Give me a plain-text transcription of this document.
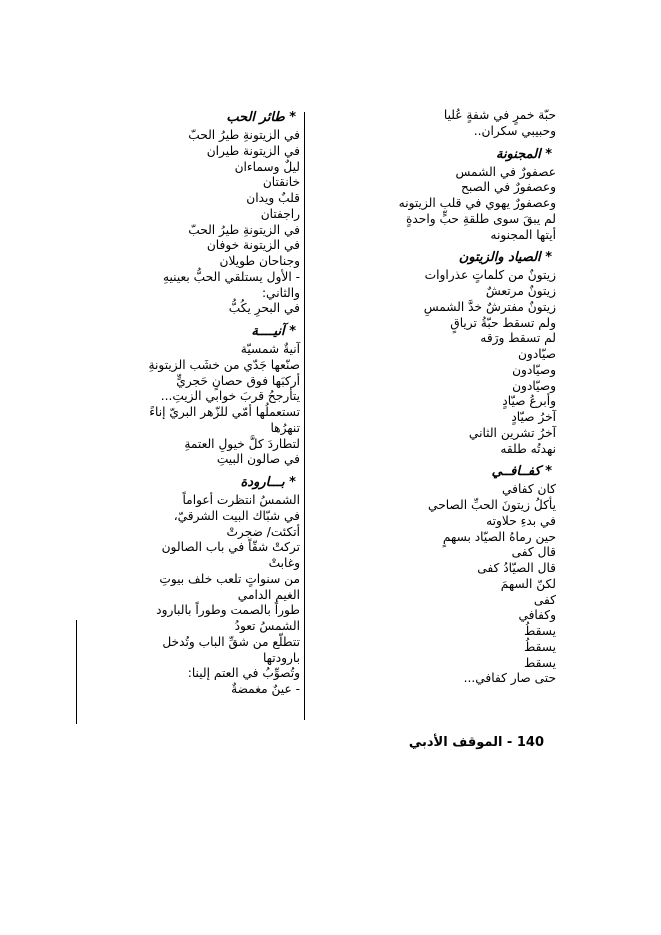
حبّة خمرٍ في شفةٍ عُليا
وحبيبي سكران..
* المجنونة
عصفورٌ في الشمس
وعصفورٌ في الصبح
وعصفورٌ يهوي في قلب الزيتونه
لم يبقَ سوى طلقةِ حبٍّ واحدةٍ
أيتها المجنونه
* الصياد والزيتون
زيتونٌ من كلماتٍ عذراوات
زيتونٌ مرتعشٌ
زيتونٌ مفترشٌ خدَّ الشمسِ
ولم تسقط حبّةُ ترياقٍ
لم تسقط ورَقه
صيّادون
وصيّادون
وصيّادون
وأبرعُ صيّادٍ
آخرُ صيّادٍ
آخرُ تشرين الثاني
نهدتُه طلقه
* كفــافــي
كان كفافي
يأكلُ زيتونَ الحبِّ الصاحي
في بدءِ حلاوته
حين رماهُ الصيّاد بسهمٍ
قال كفى
قال الصيّادُ كفى
لكنّ السهمَ
كفى
وكفافي
يسقطُ
يسقطُ
يسقط
حتى صار كفافي...
* طائر الحب
في الزيتونةِ طيرُ الحبّ
في الزيتونة طيران
ليلٌ وسماءان
خانقتان
قلبٌ ويدان
راجفتان
في الزيتونةِ طيرُ الحبّ
في الزيتونة خوفان
وجناحان طويلان
- الأول يستلقي الحبُّ بعينيهِ
والثاني:
في البحرِ يكُبُّ
* آنيــــة
آنيةٌ شمسيّة
صنّعها جَدّي من خشَب الزيتونةِ
أركبَها فوق حصانٍ حَجريٍّ
يتأرجحُ قربَ خوابي الزيتِ...
تستعملُها أمّي للزّهر البريّ إناءً
تنهرُها
لتطاردَ كلَّ خيولِ العتمةِ
في صالون البيتِ
* بـــارودة
الشمسُ انتظرت أعواماً
في شبّاك البيت الشرقيّ،
أتكئت/ ضجرتْ
تركتْ شقّاً في باب الصالون
وغابتْ
من سنواتٍ تلعب خلف بيوتِ
الغيم الدامي
طوراً بالصمت وطوراً بالبارود
الشمسُ تعودُ
تتطلّع من شقِّ الباب وتُدخل
بارودتها
وتُصوِّبُ في العتم إلينا:
- عينٌ مغمضةٌ
140 - الموقف الأدبي
